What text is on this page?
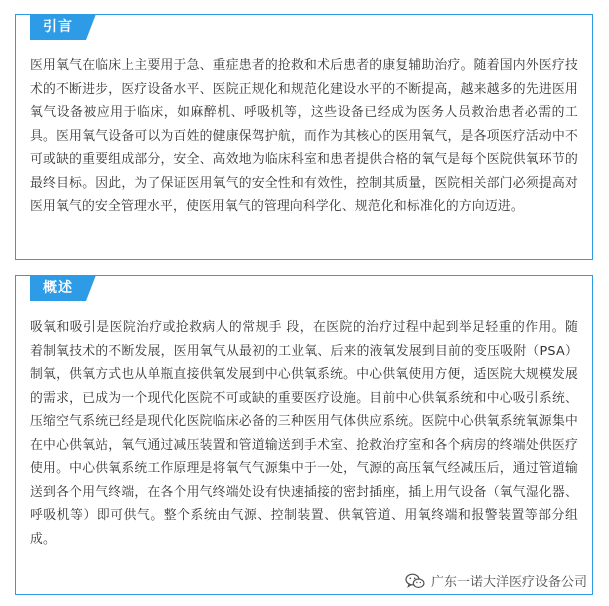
引言
医用氧气在临床上主要用于急、重症患者的抢救和术后患者的康复辅助治疗。随着国内外医疗技术的不断进步，医疗设备水平、医院正规化和规范化建设水平的不断提高，越来越多的先进医用氧气设备被应用于临床，如麻醉机、呼吸机等，这些设备已经成为医务人员救治患者必需的工具。医用氧气设备可以为百姓的健康保驾护航，而作为其核心的医用氧气，是各项医疗活动中不可或缺的重要组成部分，安全、高效地为临床科室和患者提供合格的氧气是每个医院供氧环节的最终目标。因此，为了保证医用氧气的安全性和有效性，控制其质量，医院相关部门必须提高对医用氧气的安全管理水平，使医用氧气的管理向科学化、规范化和标准化的方向迈进。
概述
吸氧和吸引是医院治疗或抢救病人的常规手 段，在医院的治疗过程中起到举足轻重的作用。随着制氧技术的不断发展，医用氧气从最初的工业氧、后来的液氧发展到目前的变压吸附（PSA）制氧，供氧方式也从单瓶直接供氧发展到中心供氧系统。中心供氧使用方便，适医院大规模发展的需求，已成为一个现代化医院不可或缺的重要医疗设施。目前中心供氧系统和中心吸引系统、压缩空气系统已经是现代化医院临床必备的三种医用气体供应系统。医院中心供氧系统氧源集中在中心供氧站，氧气通过减压装置和管道输送到手术室、抢救治疗室和各个病房的终端处供医疗使用。中心供氧系统工作原理是将氧气气源集中于一处，气源的高压氧气经减压后，通过管道输送到各个用气终端，在各个用气终端处设有快速插接的密封插座，插上用气设备（氧气湿化器、呼吸机等）即可供气。整个系统由气源、控制装置、供氧管道、用氧终端和报警装置等部分组成。
广东一诺大洋医疗设备公司
